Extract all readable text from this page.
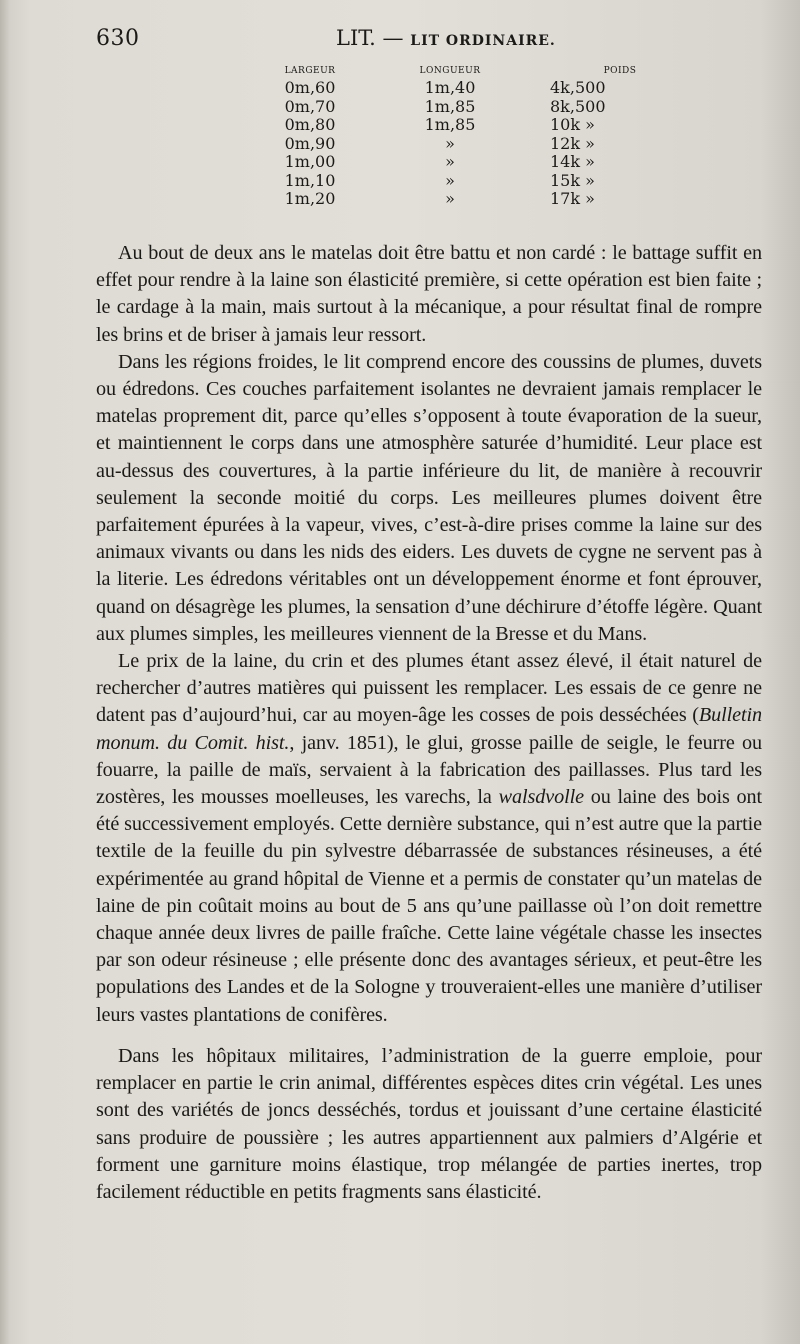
630	LIT. — LIT ORDINAIRE.
LARGEUR	LONGUEUR	POIDS
0m,60	1m,40	4k,500
0m,70	1m,85	8k,500
0m,80	1m,85	10k »
0m,90	»	12k »
1m,00	»	14k »
1m,10	»	15k »
1m,20	»	17k »

Au bout de deux ans le matelas doit être battu et non cardé : le battage suffit en effet pour rendre à la laine son élasticité première, si cette opération est bien faite ; le cardage à la main, mais surtout à la mécanique, a pour résultat final de rompre les brins et de briser à jamais leur ressort.

Dans les régions froides, le lit comprend encore des coussins de plumes, duvets ou édredons. Ces couches parfaitement isolantes ne devraient jamais remplacer le matelas proprement dit, parce qu’elles s’opposent à toute évaporation de la sueur, et maintiennent le corps dans une atmosphère saturée d’humidité. Leur place est au-dessus des couvertures, à la partie inférieure du lit, de manière à recouvrir seulement la seconde moitié du corps. Les meilleures plumes doivent être parfaitement épurées à la vapeur, vives, c’est-à-dire prises comme la laine sur des animaux vivants ou dans les nids des eiders. Les duvets de cygne ne servent pas à la literie. Les édredons véritables ont un développement énorme et font éprouver, quand on désagrège les plumes, la sensation d’une déchirure d’étoffe légère. Quant aux plumes simples, les meilleures viennent de la Bresse et du Mans.

Le prix de la laine, du crin et des plumes étant assez élevé, il était naturel de rechercher d’autres matières qui puissent les remplacer. Les essais de ce genre ne datent pas d’aujourd’hui, car au moyen-âge les cosses de pois desséchées (Bulletin monum. du Comit. hist., janv. 1851), le glui, grosse paille de seigle, le feurre ou fouarre, la paille de maïs, servaient à la fabrication des paillasses. Plus tard les zostères, les mousses moelleuses, les varechs, la walsdvolle ou laine des bois ont été successivement employés. Cette dernière substance, qui n’est autre que la partie textile de la feuille du pin sylvestre débarrassée de substances résineuses, a été expérimentée au grand hôpital de Vienne et a permis de constater qu’un matelas de laine de pin coûtait moins au bout de 5 ans qu’une paillasse où l’on doit remettre chaque année deux livres de paille fraîche. Cette laine végétale chasse les insectes par son odeur résineuse ; elle présente donc des avantages sérieux, et peut-être les populations des Landes et de la Sologne y trouveraient-elles une manière d’utiliser leurs vastes plantations de conifères.

Dans les hôpitaux militaires, l’administration de la guerre emploie, pour remplacer en partie le crin animal, différentes espèces dites crin végétal. Les unes sont des variétés de joncs desséchés, tordus et jouissant d’une certaine élasticité sans produire de poussière ; les autres appartiennent aux palmiers d’Algérie et forment une garniture moins élastique, trop mélangée de parties inertes, trop facilement réductible en petits fragments sans élasticité.
